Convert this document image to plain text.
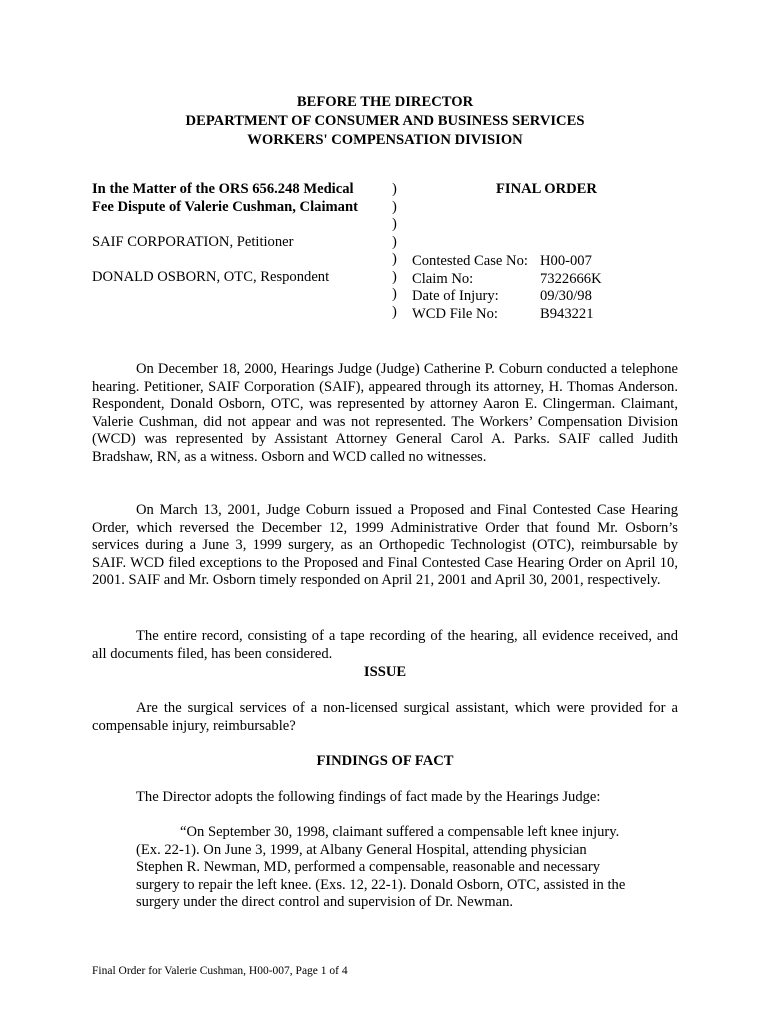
BEFORE THE DIRECTOR
DEPARTMENT OF CONSUMER AND BUSINESS SERVICES
WORKERS' COMPENSATION DIVISION
In the Matter of the ORS 656.248 Medical
Fee Dispute of Valerie Cushman, Claimant
SAIF CORPORATION, Petitioner
DONALD OSBORN, OTC, Respondent
)
)
)
)
)
)
)
)
FINAL ORDER
Contested Case No: H00-007
Claim No:	7322666K
Date of Injury:	09/30/98
WCD File No:	B943221
On December 18, 2000, Hearings Judge (Judge) Catherine P. Coburn conducted a telephone hearing. Petitioner, SAIF Corporation (SAIF), appeared through its attorney, H. Thomas Anderson. Respondent, Donald Osborn, OTC, was represented by attorney Aaron E. Clingerman. Claimant, Valerie Cushman, did not appear and was not represented. The Workers’ Compensation Division (WCD) was represented by Assistant Attorney General Carol A. Parks. SAIF called Judith Bradshaw, RN, as a witness. Osborn and WCD called no witnesses.
On March 13, 2001, Judge Coburn issued a Proposed and Final Contested Case Hearing Order, which reversed the December 12, 1999 Administrative Order that found Mr. Osborn’s services during a June 3, 1999 surgery, as an Orthopedic Technologist (OTC), reimbursable by SAIF. WCD filed exceptions to the Proposed and Final Contested Case Hearing Order on April 10, 2001. SAIF and Mr. Osborn timely responded on April 21, 2001 and April 30, 2001, respectively.
The entire record, consisting of a tape recording of the hearing, all evidence received, and all documents filed, has been considered.
ISSUE
Are the surgical services of a non-licensed surgical assistant, which were provided for a compensable injury, reimbursable?
FINDINGS OF FACT
The Director adopts the following findings of fact made by the Hearings Judge:
“On September 30, 1998, claimant suffered a compensable left knee injury. (Ex. 22-1). On June 3, 1999, at Albany General Hospital, attending physician Stephen R. Newman, MD, performed a compensable, reasonable and necessary surgery to repair the left knee. (Exs. 12, 22-1). Donald Osborn, OTC, assisted in the surgery under the direct control and supervision of Dr. Newman.
Final Order for Valerie Cushman, H00-007, Page 1 of 4
